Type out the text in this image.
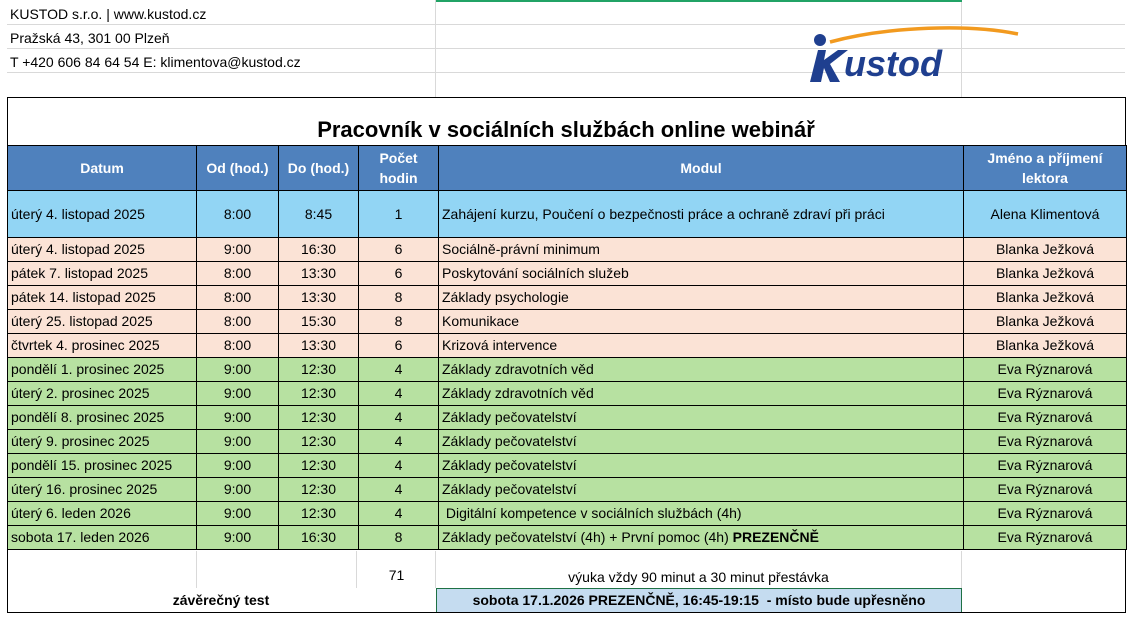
KUSTOD s.r.o. | www.kustod.cz
Pražská 43, 301 00 Plzeň
T +420 606 84 64 54 E: klimentova@kustod.cz	ustod
Pracovník v sociálních službách online webinář
Datum	Od (hod.)	Do (hod.)	Počet hodin	Modul	Jméno a příjmení lektora
úterý 4. listopad 2025	8:00	8:45	1	Zahájení kurzu, Poučení o bezpečnosti práce a ochraně zdraví při práci	Alena Klimentová
úterý 4. listopad 2025	9:00	16:30	6	Sociálně-právní minimum	Blanka Ježková
pátek 7. listopad 2025	8:00	13:30	6	Poskytování sociálních služeb	Blanka Ježková
pátek 14. listopad 2025	8:00	13:30	8	Základy psychologie	Blanka Ježková
úterý 25. listopad 2025	8:00	15:30	8	Komunikace	Blanka Ježková
čtvrtek 4. prosinec 2025	8:00	13:30	6	Krizová intervence	Blanka Ježková
pondělí 1. prosinec 2025	9:00	12:30	4	Základy zdravotních věd	Eva Rýznarová
úterý 2. prosinec 2025	9:00	12:30	4	Základy zdravotních věd	Eva Rýznarová
pondělí 8. prosinec 2025	9:00	12:30	4	Základy pečovatelství	Eva Rýznarová
úterý 9. prosinec 2025	9:00	12:30	4	Základy pečovatelství	Eva Rýznarová
pondělí 15. prosinec 2025	9:00	12:30	4	Základy pečovatelství	Eva Rýznarová
úterý 16. prosinec 2025	9:00	12:30	4	Základy pečovatelství	Eva Rýznarová
úterý 6. leden 2026	9:00	12:30	4	Digitální kompetence v sociálních službách (4h)	Eva Rýznarová
sobota 17. leden 2026	9:00	16:30	8	Základy pečovatelství (4h) + První pomoc (4h) PREZENČNĚ	Eva Rýznarová
71	výuka vždy 90 minut a 30 minut přestávka
závěrečný test	sobota 17.1.2026 PREZENČNĚ, 16:45-19:15  - místo bude upřesněno
